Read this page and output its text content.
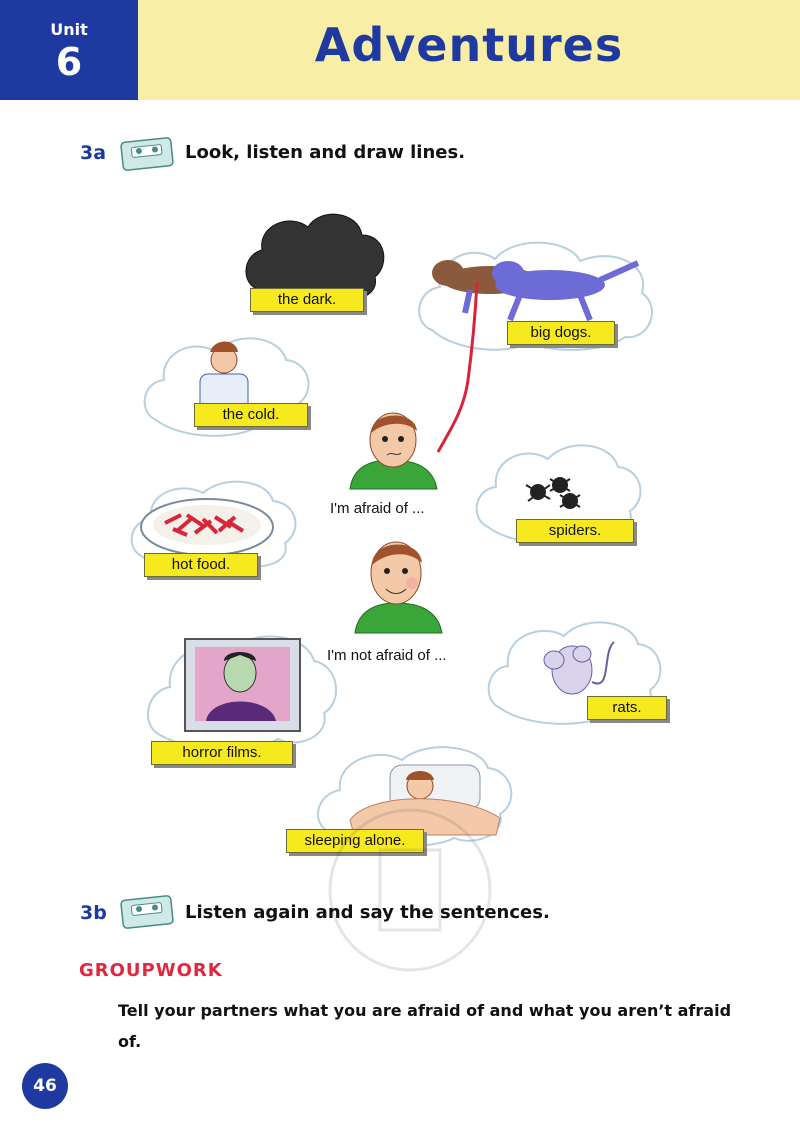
Unit
6	Adventures
3a	Look, listen and draw lines.
the dark.
big dogs.
the cold.
I'm afraid of ...
spiders.
hot food.
I'm not afraid of ...
rats.
horror films.
sleeping alone.
3b	Listen again and say the sentences.
GROUPWORK
Tell your partners what you are afraid of and what you aren’t afraid of.
46
